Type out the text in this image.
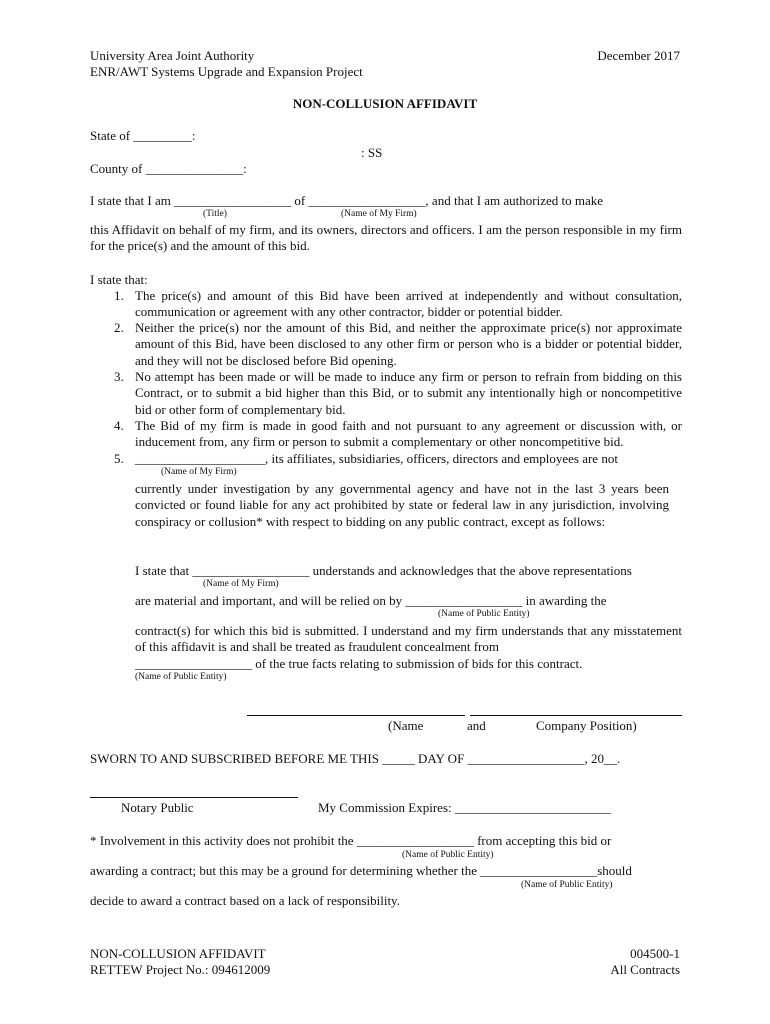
University Area Joint Authority	December 2017
ENR/AWT Systems Upgrade and Expansion Project
NON-COLLUSION AFFIDAVIT
State of _________:
: SS
County of _______________:
I state that I am __________________ of __________________, and that I am authorized to make
(Title)	(Name of My Firm)
this Affidavit on behalf of my firm, and its owners, directors and officers. I am the person responsible in my firm for the price(s) and the amount of this bid.
I state that:
1. The price(s) and amount of this Bid have been arrived at independently and without consultation, communication or agreement with any other contractor, bidder or potential bidder.
2. Neither the price(s) nor the amount of this Bid, and neither the approximate price(s) nor approximate amount of this Bid, have been disclosed to any other firm or person who is a bidder or potential bidder, and they will not be disclosed before Bid opening.
3. No attempt has been made or will be made to induce any firm or person to refrain from bidding on this Contract, or to submit a bid higher than this Bid, or to submit any intentionally high or noncompetitive bid or other form of complementary bid.
4. The Bid of my firm is made in good faith and not pursuant to any agreement or discussion with, or inducement from, any firm or person to submit a complementary or other noncompetitive bid.
5. ____________________, its affiliates, subsidiaries, officers, directors and employees are not
(Name of My Firm)
currently under investigation by any governmental agency and have not in the last 3 years been convicted or found liable for any act prohibited by state or federal law in any jurisdiction, involving conspiracy or collusion* with respect to bidding on any public contract, except as follows:
I state that __________________ understands and acknowledges that the above representations
(Name of My Firm)
are material and important, and will be relied on by __________________ in awarding the
(Name of Public Entity)
contract(s) for which this bid is submitted. I understand and my firm understands that any misstatement of this affidavit is and shall be treated as fraudulent concealment from
__________________ of the true facts relating to submission of bids for this contract.
(Name of Public Entity)
(Name	and	Company Position)
SWORN TO AND SUBSCRIBED BEFORE ME THIS _____ DAY OF __________________, 20__.
Notary Public	My Commission Expires: ________________________
* Involvement in this activity does not prohibit the __________________ from accepting this bid or
(Name of Public Entity)
awarding a contract; but this may be a ground for determining whether the __________________should
(Name of Public Entity)
decide to award a contract based on a lack of responsibility.
NON-COLLUSION AFFIDAVIT
RETTEW Project No.: 094612009
004500-1
All Contracts
